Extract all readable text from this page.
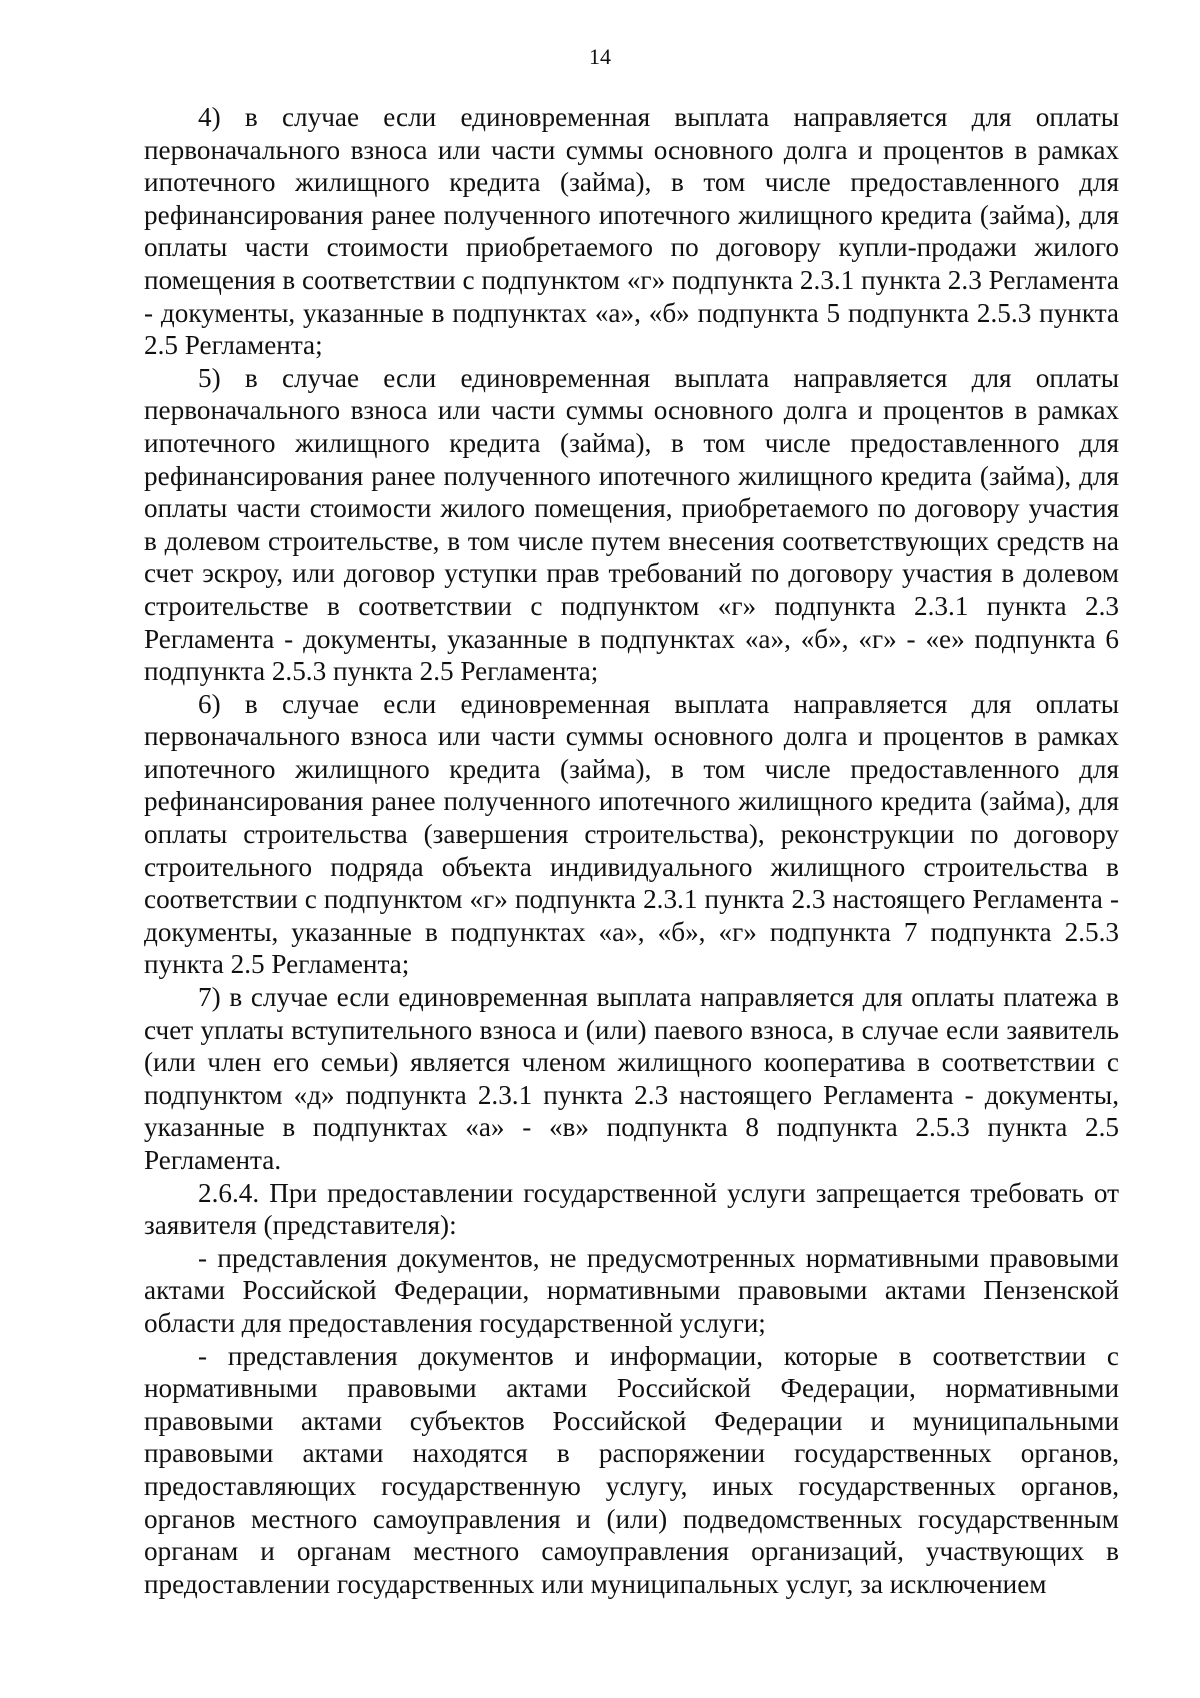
14

4) в случае если единовременная выплата направляется для оплаты первоначального взноса или части суммы основного долга и процентов в рамках ипотечного жилищного кредита (займа), в том числе предоставленного для рефинансирования ранее полученного ипотечного жилищного кредита (займа), для оплаты части стоимости приобретаемого по договору купли-продажи жилого помещения в соответствии с подпунктом «г» подпункта 2.3.1 пункта 2.3 Регламента - документы, указанные в подпунктах «а», «б» подпункта 5 подпункта 2.5.3 пункта 2.5 Регламента;

5) в случае если единовременная выплата направляется для оплаты первоначального взноса или части суммы основного долга и процентов в рамках ипотечного жилищного кредита (займа), в том числе предоставленного для рефинансирования ранее полученного ипотечного жилищного кредита (займа), для оплаты части стоимости жилого помещения, приобретаемого по договору участия в долевом строительстве, в том числе путем внесения соответствующих средств на счет эскроу, или договор уступки прав требований по договору участия в долевом строительстве в соответствии с подпунктом «г» подпункта 2.3.1 пункта 2.3 Регламента - документы, указанные в подпунктах «а», «б», «г» - «е» подпункта 6 подпункта 2.5.3 пункта 2.5 Регламента;

6) в случае если единовременная выплата направляется для оплаты первоначального взноса или части суммы основного долга и процентов в рамках ипотечного жилищного кредита (займа), в том числе предоставленного для рефинансирования ранее полученного ипотечного жилищного кредита (займа), для оплаты строительства (завершения строительства), реконструкции по договору строительного подряда объекта индивидуального жилищного строительства в соответствии с подпунктом «г» подпункта 2.3.1 пункта 2.3 настоящего Регламента - документы, указанные в подпунктах «а», «б», «г» подпункта 7 подпункта 2.5.3 пункта 2.5 Регламента;

7) в случае если единовременная выплата направляется для оплаты платежа в счет уплаты вступительного взноса и (или) паевого взноса, в случае если заявитель (или член его семьи) является членом жилищного кооператива в соответствии с подпунктом «д» подпункта 2.3.1 пункта 2.3 настоящего Регламента - документы, указанные в подпунктах «а» - «в» подпункта 8 подпункта 2.5.3 пункта 2.5 Регламента.

2.6.4. При предоставлении государственной услуги запрещается требовать от заявителя (представителя):

- представления документов, не предусмотренных нормативными правовыми актами Российской Федерации, нормативными правовыми актами Пензенской области для предоставления государственной услуги;

- представления документов и информации, которые в соответствии с нормативными правовыми актами Российской Федерации, нормативными правовыми актами субъектов Российской Федерации и муниципальными правовыми актами находятся в распоряжении государственных органов, предоставляющих государственную услугу, иных государственных органов, органов местного самоуправления и (или) подведомственных государственным органам и органам местного самоуправления организаций, участвующих в предоставлении государственных или муниципальных услуг, за исключением
